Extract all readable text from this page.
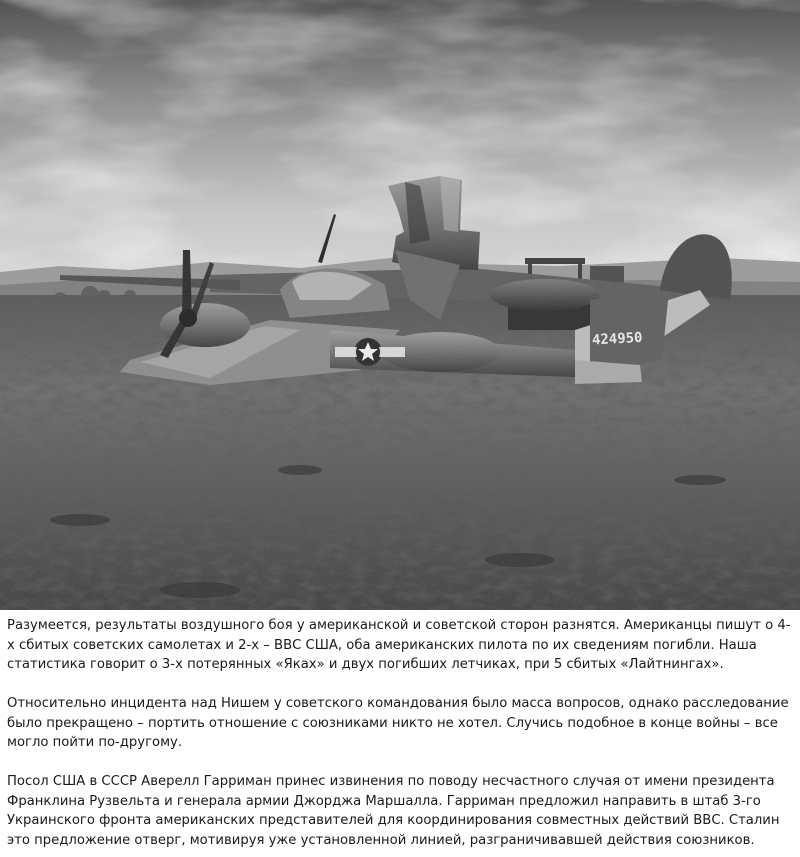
Разумеется, результаты воздушного боя у американской и советской сторон разнятся. Американцы пишут о 4-х сбитых советских самолетах и 2-х – ВВС США, оба американских пилота по их сведениям погибли. Наша статистика говорит о 3-х потерянных «Яках» и двух погибших летчиках, при 5 сбитых «Лайтнингах».

Относительно инцидента над Нишем у советского командования было масса вопросов, однако расследование было прекращено – портить отношение с союзниками никто не хотел. Случись подобное в конце войны – все могло пойти по-другому.

Посол США в СССР Аверелл Гарриман принес извинения по поводу несчастного случая от имени президента Франклина Рузвельта и генерала армии Джорджа Маршалла. Гарриман предложил направить в штаб 3-го Украинского фронта американских представителей для координирования совместных действий ВВС. Сталин это предложение отверг, мотивируя уже установленной линией, разграничивавшей действия союзников.
